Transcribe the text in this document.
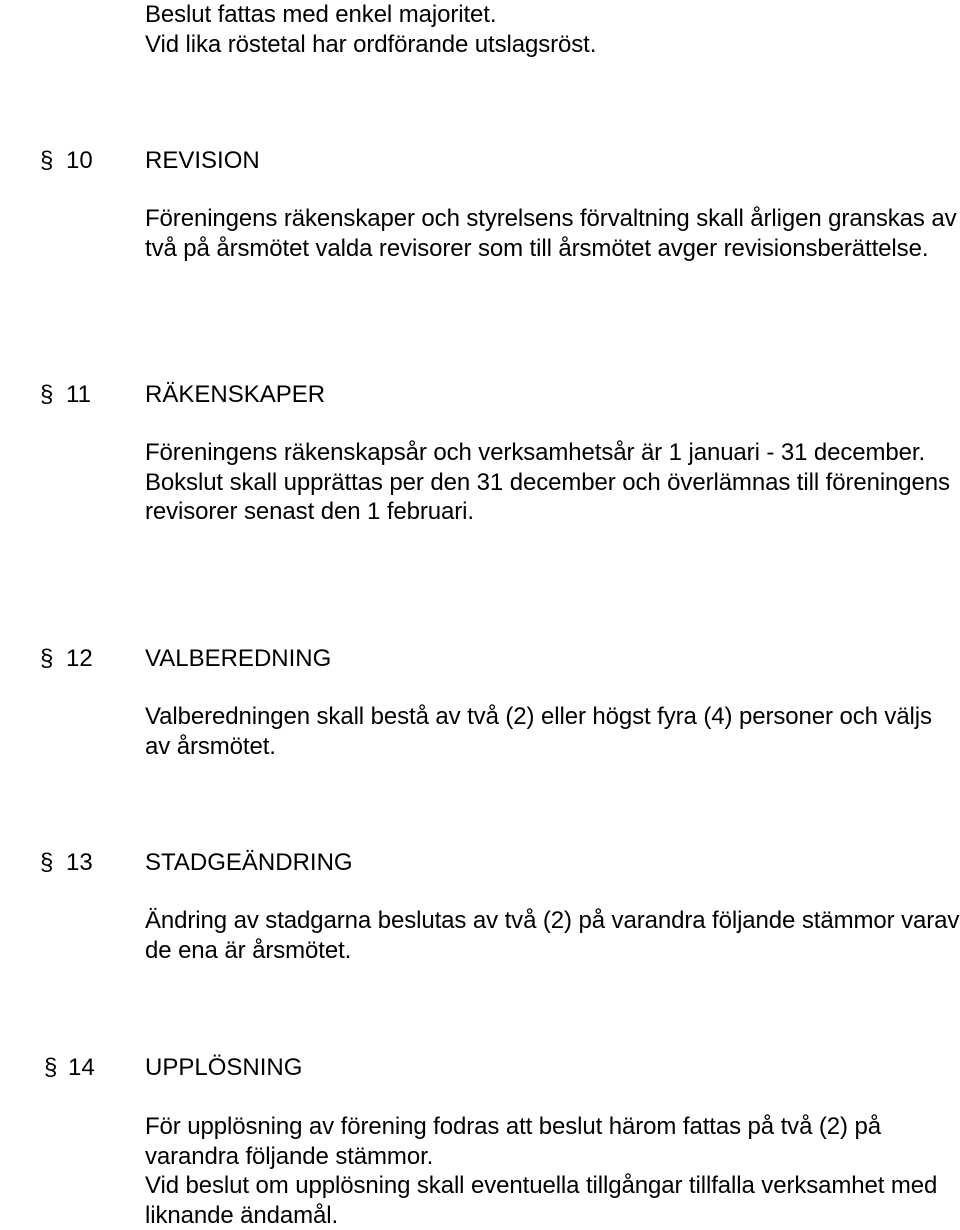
Beslut fattas med enkel majoritet.
Vid lika röstetal har ordförande utslagsröst.
§ 10 REVISION

Föreningens räkenskaper och styrelsens förvaltning skall årligen granskas av två på årsmötet valda revisorer som till årsmötet avger revisionsberättelse.

§ 11 RÄKENSKAPER

Föreningens räkenskapsår och verksamhetsår är 1 januari - 31 december.

Bokslut skall upprättas per den 31 december och överlämnas till föreningens revisorer senast den 1 februari.

§ 12 VALBEREDNING

Valberedningen skall bestå av två (2) eller högst fyra (4) personer och väljs av årsmötet.

§ 13 STADGEÄNDRING

Ändring av stadgarna beslutas av två (2) på varandra följande stämmor varav de ena är årsmötet.

§ 14 UPPLÖSNING

För upplösning av förening fodras att beslut härom fattas på två (2) på varandra följande stämmor.

Vid beslut om upplösning skall eventuella tillgångar tillfalla verksamhet med liknande ändamål.
